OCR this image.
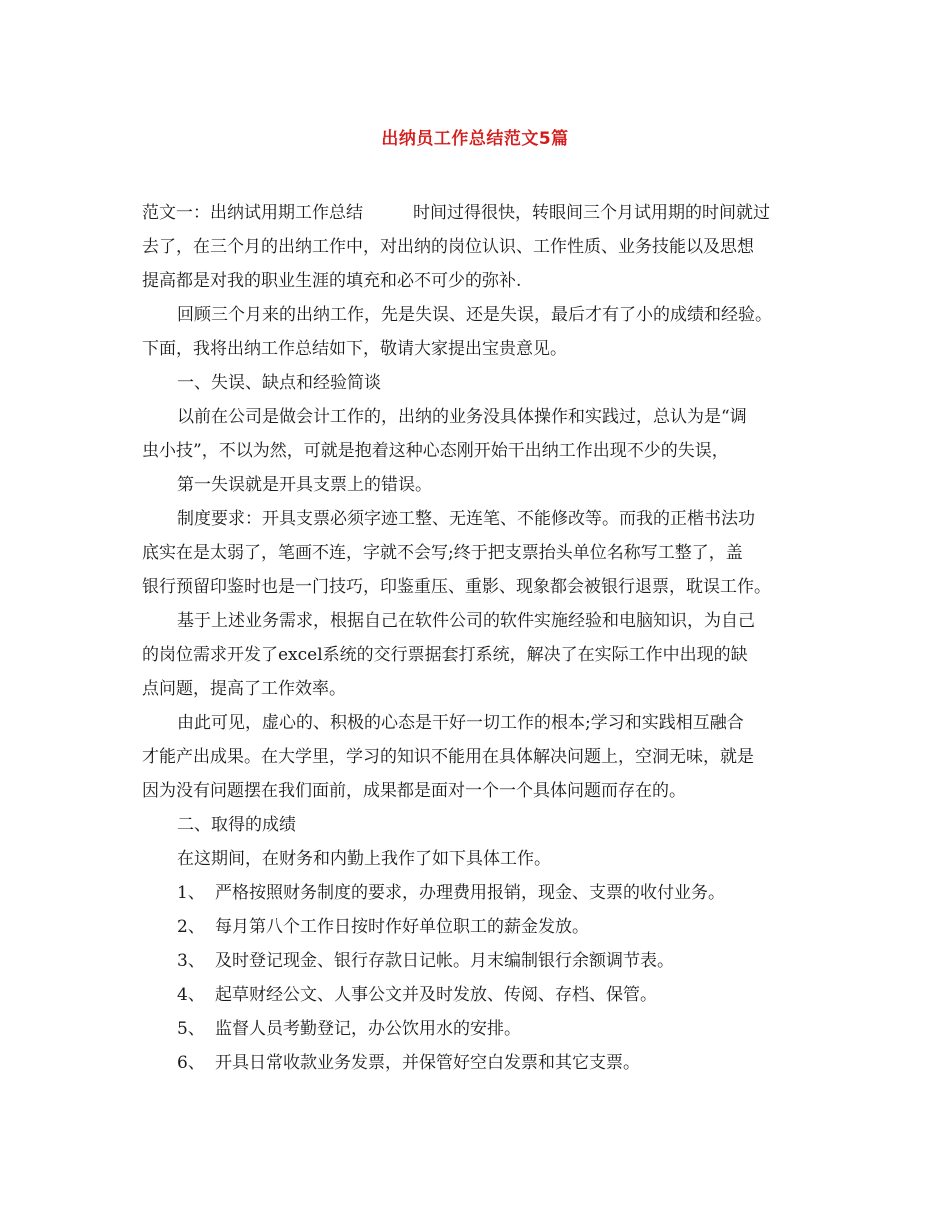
出纳员工作总结范文5篇
范文一：出纳试用期工作总结	时间过得很快，转眼间三个月试用期的时间就过
去了，在三个月的出纳工作中，对出纳的岗位认识、工作性质、业务技能以及思想
提高都是对我的职业生涯的填充和必不可少的弥补.
回顾三个月来的出纳工作，先是失误、还是失误，最后才有了小的成绩和经验。
下面，我将出纳工作总结如下，敬请大家提出宝贵意见。
一、失误、缺点和经验简谈
以前在公司是做会计工作的，出纳的业务没具体操作和实践过，总认为是“调
虫小技”，不以为然，可就是抱着这种心态刚开始干出纳工作出现不少的失误，
第一失误就是开具支票上的错误。
制度要求：开具支票必须字迹工整、无连笔、不能修改等。而我的正楷书法功
底实在是太弱了，笔画不连，字就不会写;终于把支票抬头单位名称写工整了，盖
银行预留印鉴时也是一门技巧，印鉴重压、重影、现象都会被银行退票，耽误工作。
基于上述业务需求，根据自己在软件公司的软件实施经验和电脑知识，为自己
的岗位需求开发了excel系统的交行票据套打系统，解决了在实际工作中出现的缺
点问题，提高了工作效率。
由此可见，虚心的、积极的心态是干好一切工作的根本;学习和实践相互融合
才能产出成果。在大学里，学习的知识不能用在具体解决问题上，空洞无味，就是
因为没有问题摆在我们面前，成果都是面对一个一个具体问题而存在的。
二、取得的成绩
在这期间，在财务和内勤上我作了如下具体工作。
1、 严格按照财务制度的要求，办理费用报销，现金、支票的收付业务。
2、 每月第八个工作日按时作好单位职工的薪金发放。
3、 及时登记现金、银行存款日记帐。月末编制银行余额调节表。
4、 起草财经公文、人事公文并及时发放、传阅、存档、保管。
5、 监督人员考勤登记，办公饮用水的安排。
6、 开具日常收款业务发票，并保管好空白发票和其它支票。
